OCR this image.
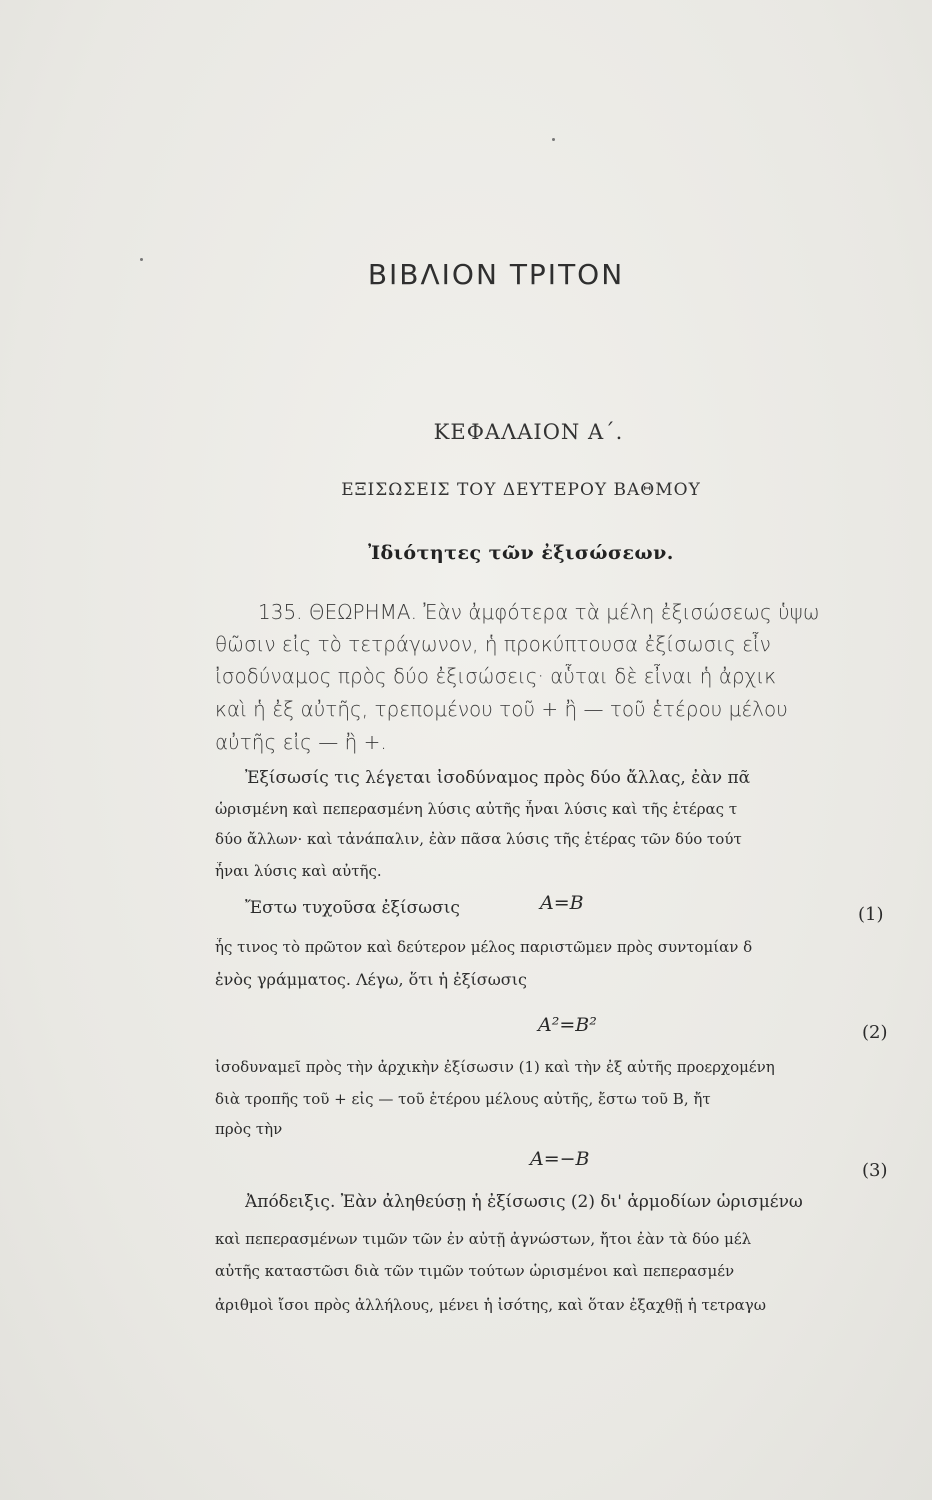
ΒΙΒΛΙΟΝ ΤΡΙΤΟΝ
ΚΕΦΑΛΑΙΟΝ Α΄.
ΕΞΙΣΩΣΕΙΣ ΤΟΥ ΔΕΥΤΕΡΟΥ ΒΑΘΜΟΥ
Ἰδιότητες τῶν ἐξισώσεων.
135. ΘΕΩΡΗΜΑ. Ἐὰν ἀμφότερα τὰ μέλη ἐξισώσεως ὑψω
θῶσιν εἰς τὸ τετράγωνον, ἡ προκύπτουσα ἐξίσωσις εἶν
ἰσοδύναμος πρὸς δύο ἐξισώσεις· αὗται δὲ εἶναι ἡ ἀρχικ
καὶ ἡ ἐξ αὐτῆς, τρεπομένου τοῦ + ἢ — τοῦ ἑτέρου μέλου
αὐτῆς εἰς — ἢ +.
Ἐξίσωσίς τις λέγεται ἰσοδύναμος πρὸς δύο ἄλλας, ἐὰν πᾶ
ὡρισμένη καὶ πεπερασμένη λύσις αὐτῆς ἦναι λύσις καὶ τῆς ἑτέρας τ
δύο ἄλλων· καὶ τἀνάπαλιν, ἐὰν πᾶσα λύσις τῆς ἑτέρας τῶν δύο τούτ
ἦναι λύσις καὶ αὐτῆς.
Ἔστω τυχοῦσα ἐξίσωσις	A=B
(1)
ἧς τινος τὸ πρῶτον καὶ δεύτερον μέλος παριστῶμεν πρὸς συντομίαν δ
ἑνὸς γράμματος. Λέγω, ὅτι ἡ ἐξίσωσις
A²=B²	(2)
ἰσοδυναμεῖ πρὸς τὴν ἀρχικὴν ἐξίσωσιν (1) καὶ τὴν ἐξ αὐτῆς προερχομένη
διὰ τροπῆς τοῦ + εἰς — τοῦ ἑτέρου μέλους αὐτῆς, ἔστω τοῦ B, ἤτ
πρὸς τὴν
A=−B
(3)
Ἀπόδειξις. Ἐὰν ἀληθεύσῃ ἡ ἐξίσωσις (2) δι' ἁρμοδίων ὡρισμένω
καὶ πεπερασμένων τιμῶν τῶν ἐν αὐτῇ ἀγνώστων, ἤτοι ἐὰν τὰ δύο μέλ
αὐτῆς καταστῶσι διὰ τῶν τιμῶν τούτων ὡρισμένοι καὶ πεπερασμέν
ἀριθμοὶ ἴσοι πρὸς ἀλλήλους, μένει ἡ ἰσότης, καὶ ὅταν ἐξαχθῇ ἡ τετραγω
